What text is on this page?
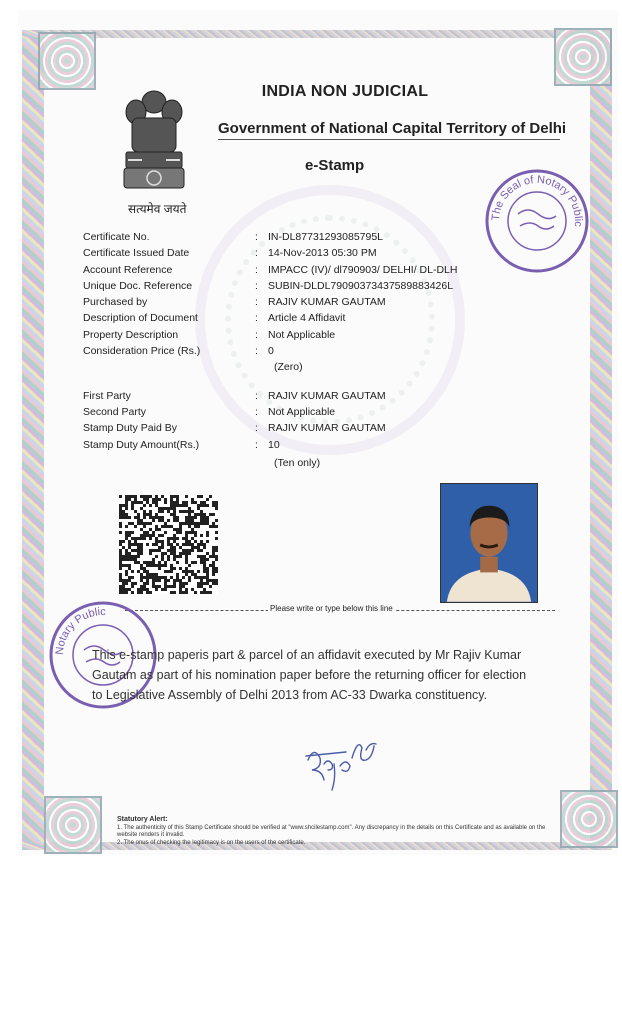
सत्यमेव जयते
INDIA NON JUDICIAL
Government of National Capital Territory of Delhi
e-Stamp
The Seal of Notary Public
Certificate No.
Certificate Issued Date
Account Reference
Unique Doc. Reference
Purchased by
Description of Document
Property Description
Consideration Price (Rs.)
First Party
Second Party
Stamp Duty Paid By
Stamp Duty Amount(Rs.)
:
:
:
:
:
:
:
:
:
:
:
:
IN-DL87731293085795L
14-Nov-2013 05:30 PM
IMPACC (IV)/ dl790903/ DELHI/ DL-DLH
SUBIN-DLDL79090373437589883426L
RAJIV KUMAR GAUTAM
Article 4 Affidavit
Not Applicable
0
(Zero)
RAJIV KUMAR GAUTAM
Not Applicable
RAJIV KUMAR GAUTAM
10
(Ten only)
Please write or type below this line
Notary Public
This e-stamp paperis part & parcel of an affidavit executed by Mr Rajiv Kumar Gautam as part of his nomination paper before the returning officer for election to Legislative Assembly of Delhi 2013 from AC-33 Dwarka constituency.
Statutory Alert:
1. The authenticity of this Stamp Certificate should be verified at "www.shcilestamp.com". Any discrepancy in the details on this Certificate and as available on the website renders it invalid.
2. The onus of checking the legitimacy is on the users of the certificate.
